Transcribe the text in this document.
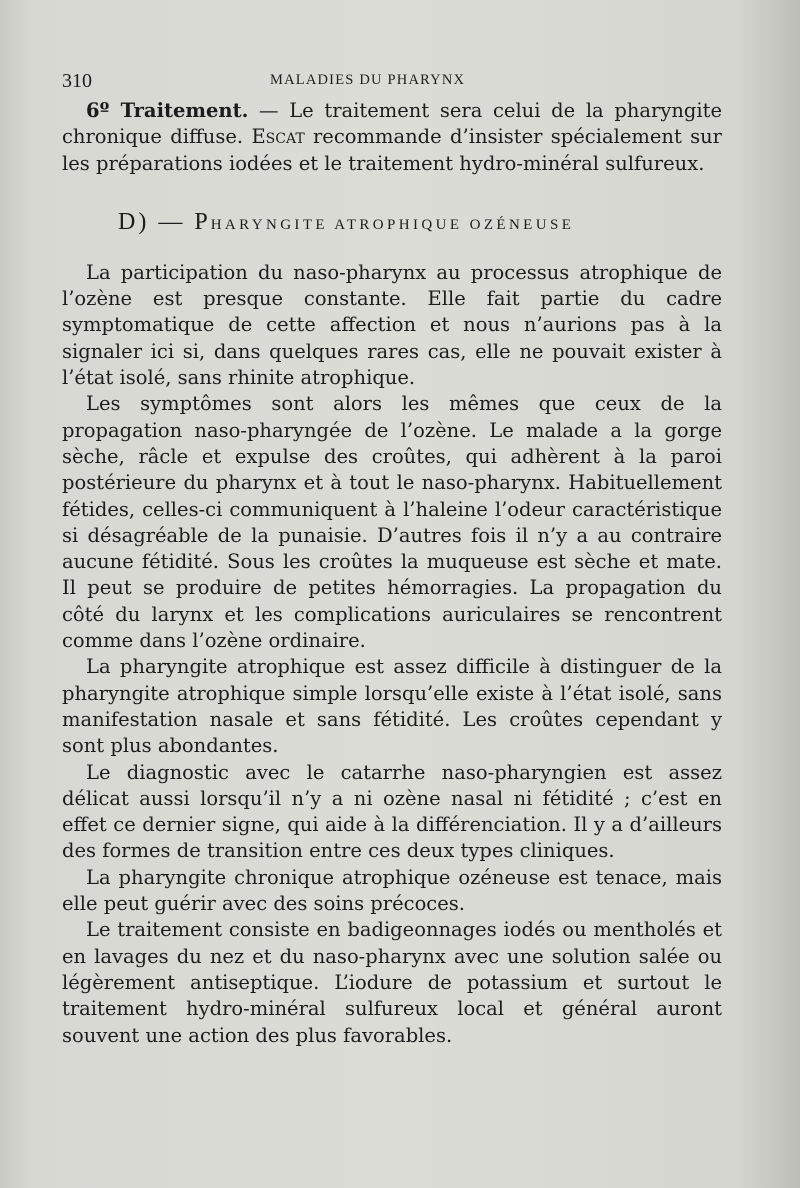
310	MALADIES DU PHARYNX

6º Traitement. — Le traitement sera celui de la pharyngite chronique diffuse. Escat recommande d’insister spécialement sur les préparations iodées et le traitement hydro-minéral sulfureux.

D) — PHARYNGITE ATROPHIQUE OZÉNEUSE

La participation du naso-pharynx au processus atrophique de l’ozène est presque constante. Elle fait partie du cadre symptomatique de cette affection et nous n’aurions pas à la signaler ici si, dans quelques rares cas, elle ne pouvait exister à l’état isolé, sans rhinite atrophique.

Les symptômes sont alors les mêmes que ceux de la propagation naso-pharyngée de l’ozène. Le malade a la gorge sèche, râcle et expulse des croûtes, qui adhèrent à la paroi postérieure du pharynx et à tout le naso-pharynx. Habituellement fétides, celles-ci communiquent à l’haleine l’odeur caractéristique si désagréable de la punaisie. D’autres fois il n’y a au contraire aucune fétidité. Sous les croûtes la muqueuse est sèche et mate. Il peut se produire de petites hémorragies. La propagation du côté du larynx et les complications auriculaires se rencontrent comme dans l’ozène ordinaire.

La pharyngite atrophique est assez difficile à distinguer de la pharyngite atrophique simple lorsqu’elle existe à l’état isolé, sans manifestation nasale et sans fétidité. Les croûtes cependant y sont plus abondantes.

Le diagnostic avec le catarrhe naso-pharyngien est assez délicat aussi lorsqu’il n’y a ni ozène nasal ni fétidité ; c’est en effet ce dernier signe, qui aide à la différenciation. Il y a d’ailleurs des formes de transition entre ces deux types cliniques.

La pharyngite chronique atrophique ozéneuse est tenace, mais elle peut guérir avec des soins précoces.

Le traitement consiste en badigeonnages iodés ou mentholés et en lavages du nez et du naso-pharynx avec une solution salée ou légèrement antiseptique. L’iodure de potassium et surtout le traitement hydro-minéral sulfureux local et général auront souvent une action des plus favorables.
